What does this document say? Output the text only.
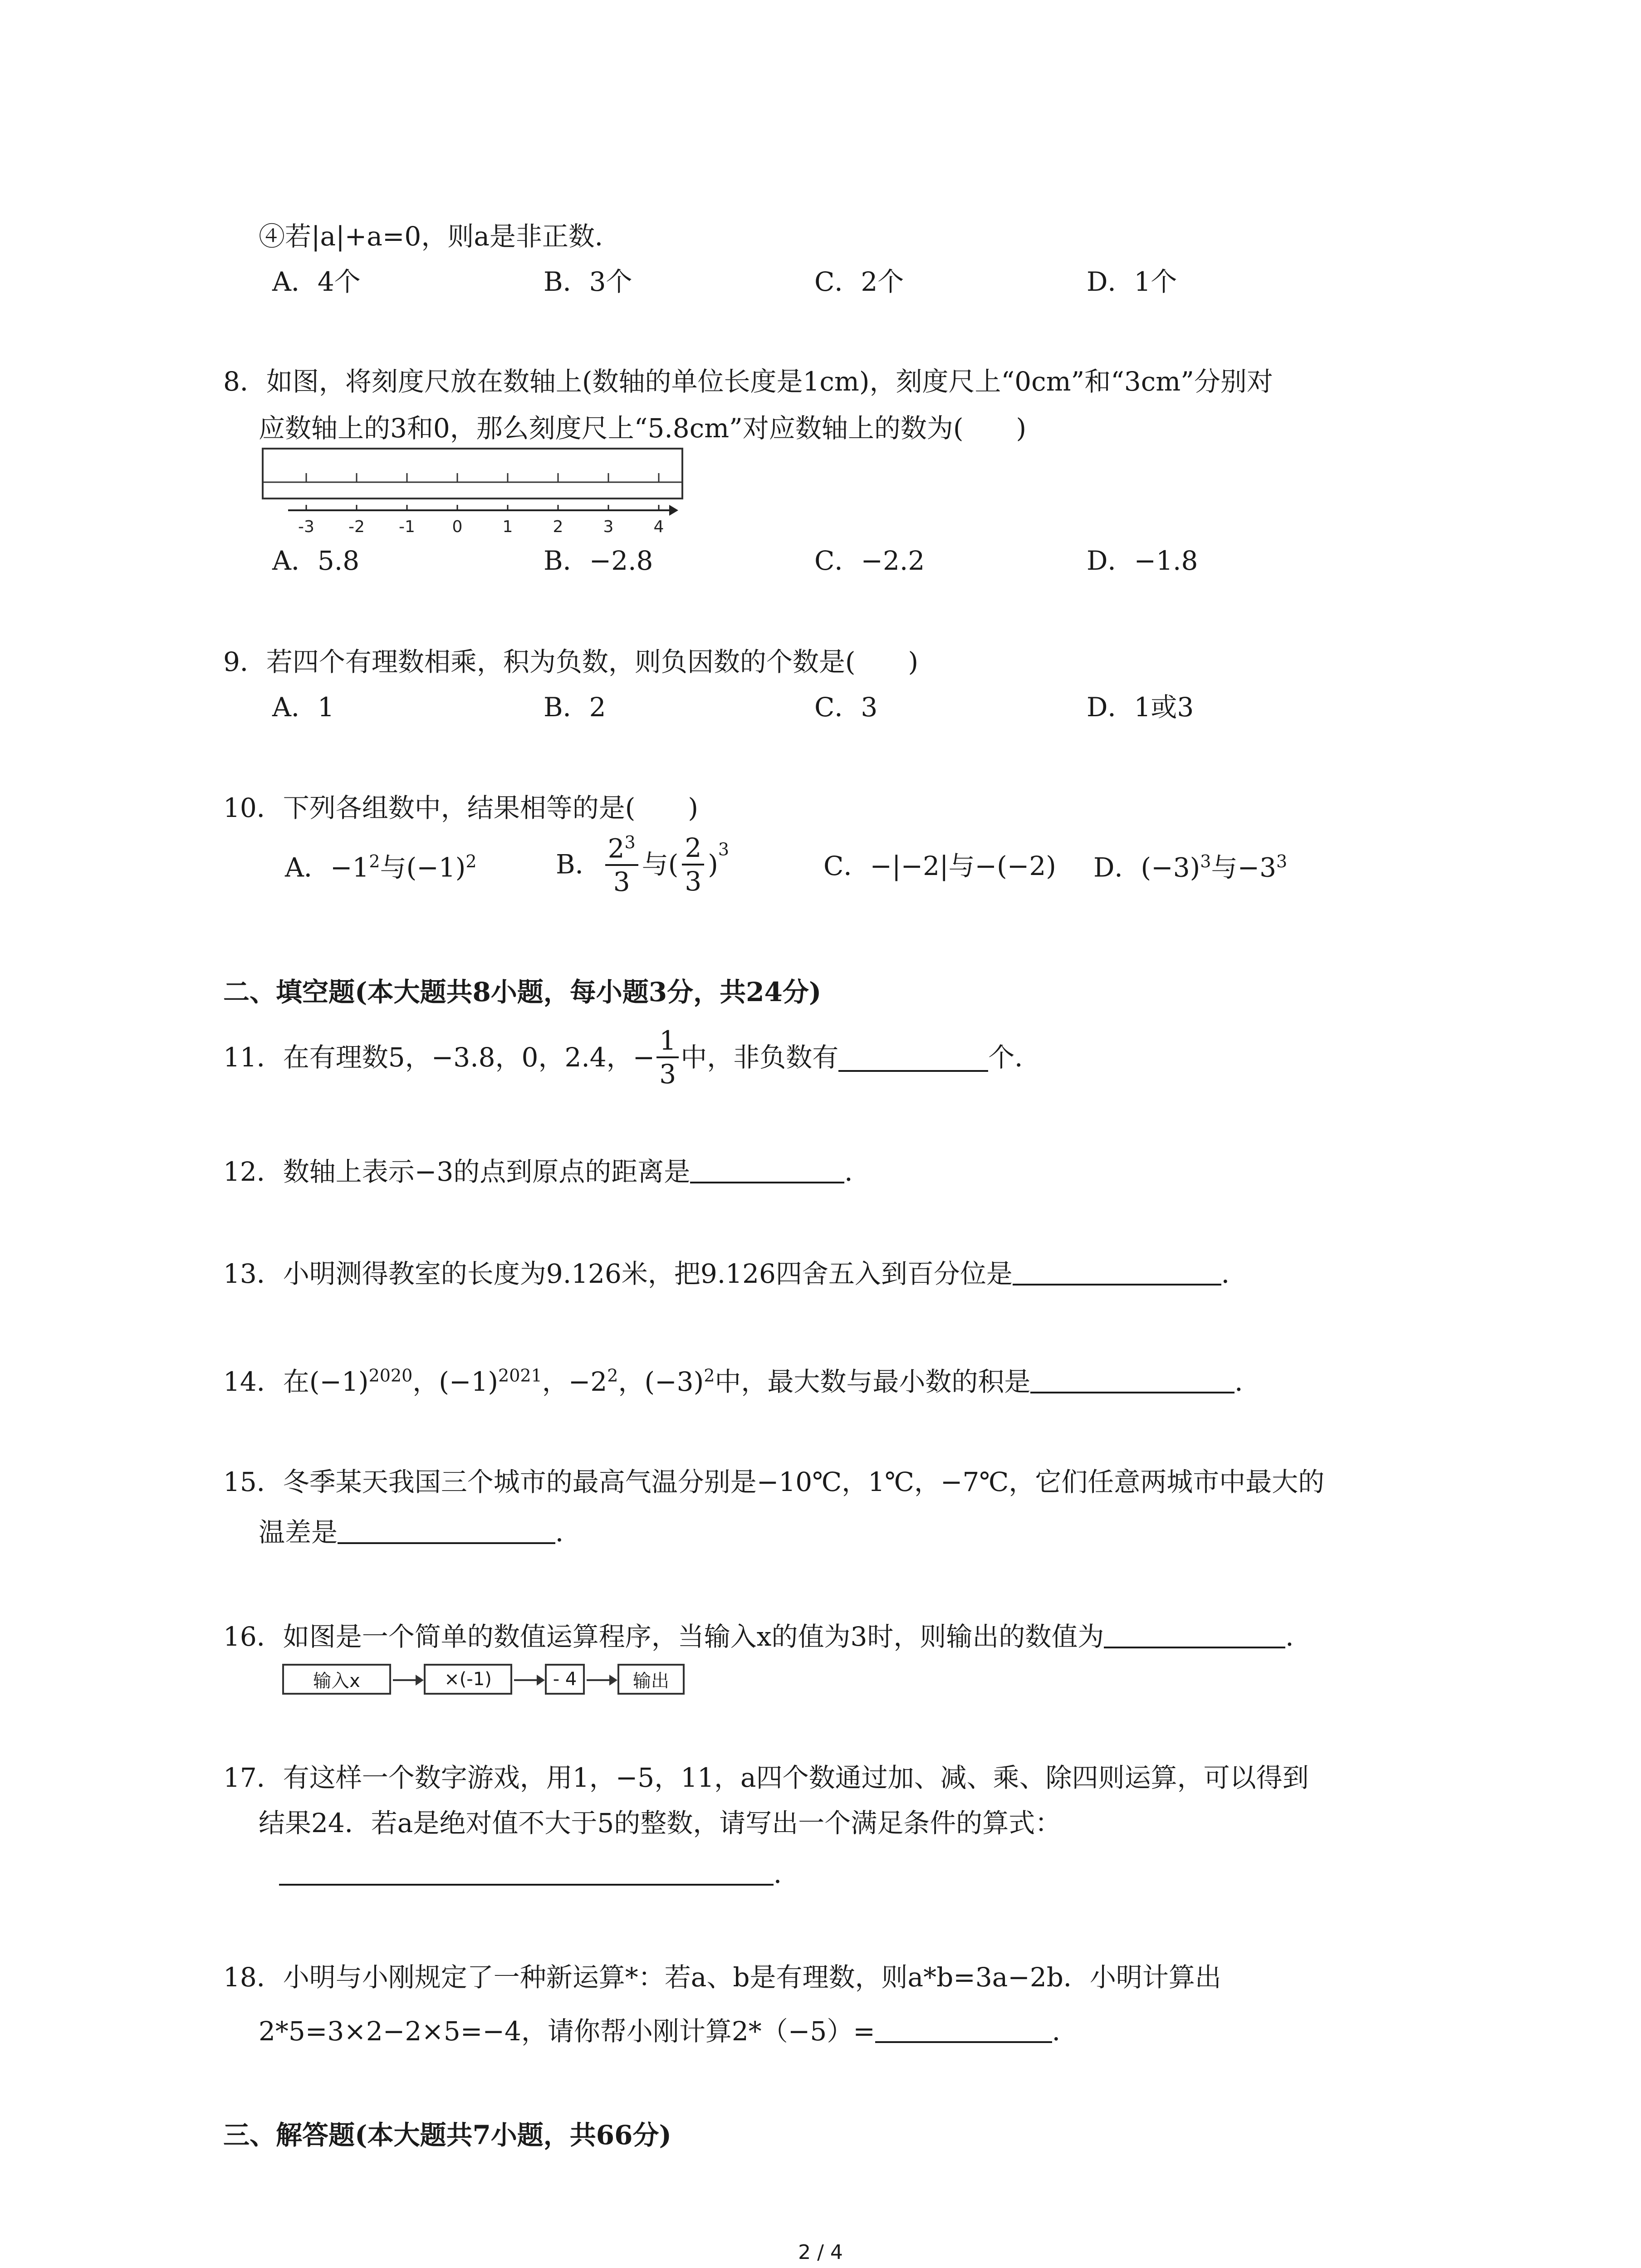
④若|a|+a=0，则a是非正数．
A．4个	B．3个	C．2个	D．1个
8．如图，将刻度尺放在数轴上(数轴的单位长度是1cm)，刻度尺上“0cm”和“3cm”分别对
应数轴上的3和0，那么刻度尺上“5.8cm”对应数轴上的数为(　　)
-3 -2 -1 0 1 2 3 4
A．5.8	B．−2.8	C．−2.2	D．−1.8
9．若四个有理数相乘，积为负数，则负因数的个数是(　　)
A．1	B．2	C．3	D．1或3
10．下列各组数中，结果相等的是(　　)
A．$-1^2$与$(-1)^2$	B． $\frac{2^3}{3}$ 与( $\frac{2}{3} )^3$
C．−|−2|与−(−2) D．$(-3)^3$与$-3^3$
二、填空题(本大题共8小题，每小题3分，共24分)
11．在有理数5，−3.8，0，2.4，− $\frac{1}{3}$ 中，非负数有	个．
12．数轴上表示−3的点到原点的距离是	．
13．小明测得教室的长度为9.126米，把9.126四舍五入到百分位是	．
14．在$(-1)^{2020}$，$(-1)^{2021}$，$-2^2$，$(-3)^2$中，最大数与最小数的积是	．
15．冬季某天我国三个城市的最高气温分别是−10℃，1℃，−7℃，它们任意两城市中最大的
温差是	．
16．如图是一个简单的数值运算程序，当输入x的值为3时，则输出的数值为	．
输入x	×(-1)	- 4	输出
17．有这样一个数字游戏，用1，−5，11，a四个数通过加、减、乘、除四则运算，可以得到
结果24．若a是绝对值不大于5的整数，请写出一个满足条件的算式：
．
18．小明与小刚规定了一种新运算*：若a、b是有理数，则a*b=3a−2b．小明计算出
2*5=3×2−2×5=−4，请你帮小刚计算2*（−5）=	．
三、解答题(本大题共7小题，共66分)
2 / 4
